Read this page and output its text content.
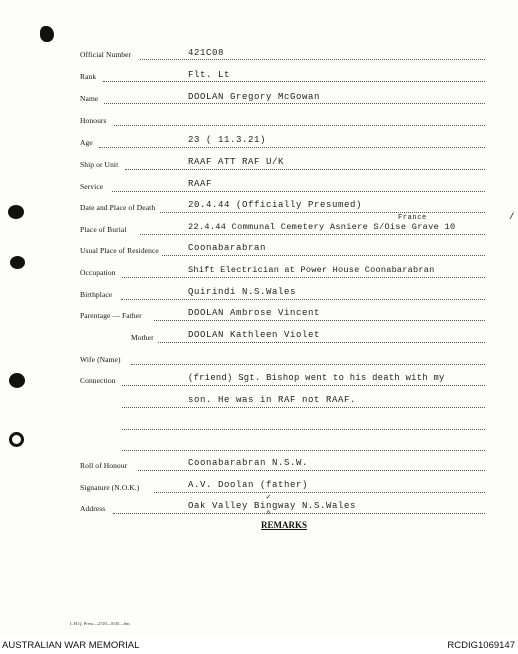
Official Number	421C08
Rank	Flt. Lt
Name	DOOLAN Gregory McGowan
Honours
Age	23 ( 11.3.21)
Ship or Unit	RAAF ATT RAF U/K
Service	RAAF
Date and Place of Death	20.4.44 (Officially Presumed)
Place of Burial	22.4.44 Communal Cemetery Asniere S/Oise Grave 10
France	/
Usual Place of Residence	Coonabarabran
Occupation	Shift Electrician at Power House Coonabarabran
Birthplace	Quirindi N.S.Wales
Parentage — Father	DOOLAN Ambrose Vincent
Mother	DOOLAN Kathleen Violet
Wife (Name)
Connection	(friend) Sgt. Bishop went to his death with my
son. He was in RAF not RAAF.
Roll of Honour	Coonabarabran N.S.W.
Signature (N.O.K.)	A.V. Doolan (father)
Address	Oak Valley Bingway N.S.Wales
✓
^
REMARKS
L.H.Q. Press—2720—8/45—6m.
AUSTRALIAN WAR MEMORIAL	RCDIG1069147
